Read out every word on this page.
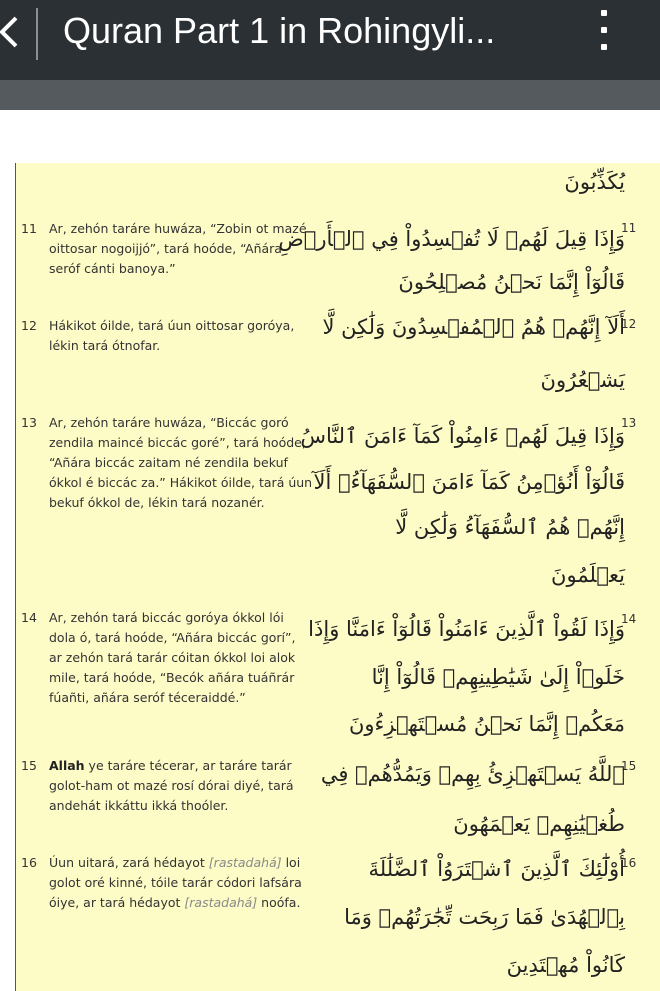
Quran Part 1 in Rohingyli...
يُكَذِّبُونَ
11 Ar, zehón taráre huwáza, “Zobin ot mazé
oittosar nogoijjó”, tará hoóde, “Añára
seróf cánti banoya.”
11
وَإِذَا قِيلَ لَهُمۡ لَا تُفۡسِدُواْ فِي ٱلۡأَرۡضِ
قَالُوٓاْ إِنَّمَا نَحۡنُ مُصۡلِحُونَ
12 Hákikot óilde, tará úun oittosar goróya,
lékin tará ótnofar.
12
أَلَآ إِنَّهُمۡ هُمُ ٱلۡمُفۡسِدُونَ وَلَٰكِن لَّا
يَشۡعُرُونَ
13 Ar, zehón taráre huwáza, “Biccác goró
zendila maincé biccác goré”, tará hoóde,
“Añára biccác zaitam né zendila bekuf
ókkol é biccác za.” Hákikot óilde, tará úun
bekuf ókkol de, lékin tará nozanér.
13
وَإِذَا قِيلَ لَهُمۡ ءَامِنُواْ كَمَآ ءَامَنَ ٱلنَّاسُ
قَالُوٓاْ أَنُؤۡمِنُ كَمَآ ءَامَنَ ٱلسُّفَهَآءُۗ أَلَآ
إِنَّهُمۡ هُمُ ٱلسُّفَهَآءُ وَلَٰكِن لَّا
يَعۡلَمُونَ
14 Ar, zehón tará biccác goróya ókkol lói
dola ó, tará hoóde, “Añára biccác gorí”,
ar zehón tará tarár cóitan ókkol loi alok
mile, tará hoóde, “Becók añára tuáñrár
fúañti, añára seróf téceraiddé.”
14
وَإِذَا لَقُواْ ٱلَّذِينَ ءَامَنُواْ قَالُوٓاْ ءَامَنَّا وَإِذَا
خَلَوۡاْ إِلَىٰ شَيَٰطِينِهِمۡ قَالُوٓاْ إِنَّا
مَعَكُمۡ إِنَّمَا نَحۡنُ مُسۡتَهۡزِءُونَ
15 Allah ye taráre técerar, ar taráre tarár
golot-ham ot mazé rosí dórai diyé, tará
andehát ikkáttu ikká thoóler.
15
ٱللَّهُ يَسۡتَهۡزِئُ بِهِمۡ وَيَمُدُّهُمۡ فِي
طُغۡيَٰنِهِمۡ يَعۡمَهُونَ
16 Úun uitará, zará hédayot [rastadahá] loi
golot oré kinné, tóile tarár códori lafsára
óiye, ar tará hédayot [rastadahá] noófa.
16
أُوْلَٰٓئِكَ ٱلَّذِينَ ٱشۡتَرَوُاْ ٱلضَّلَٰلَةَ
بِٱلۡهُدَىٰ فَمَا رَبِحَت تِّجَٰرَتُهُمۡ وَمَا
كَانُواْ مُهۡتَدِينَ
